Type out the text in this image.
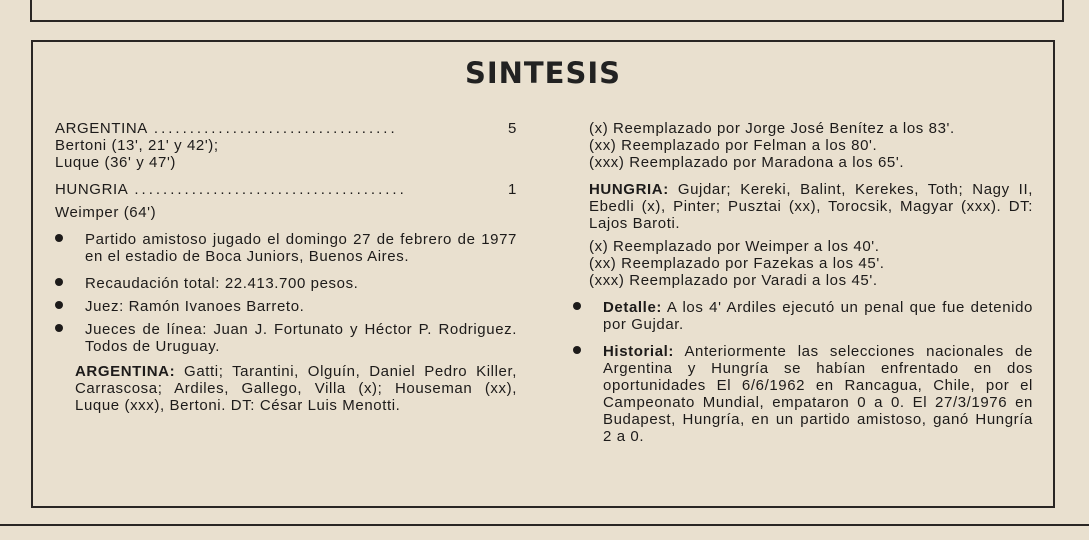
SINTESIS
ARGENTINA ..................................	5

Bertoni (13', 21' y 42');

Luque (36' y 47')

HUNGRIA ......................................	1

Weimper (64')

Partido amistoso jugado el domingo 27 de febrero de 1977 en el estadio de Boca Juniors, Buenos Aires.
Recaudación total: 22.413.700 pesos.
Juez: Ramón Ivanoes Barreto.
Jueces de línea: Juan J. Fortunato y Héctor P. Rodriguez. Todos de Uruguay.

ARGENTINA: Gatti; Tarantini, Olguín, Daniel Pedro Killer, Carrascosa; Ardiles, Gallego, Villa (x); Houseman (xx), Luque (xxx), Bertoni. DT: César Luis Menotti.

(x) Reemplazado por Jorge José Benítez a los 83'.

(xx) Reemplazado por Felman a los 80'.

(xxx) Reemplazado por Maradona a los 65'.

HUNGRIA: Gujdar; Kereki, Balint, Kerekes, Toth; Nagy II, Ebedli (x), Pinter; Pusztai (xx), Torocsik, Magyar (xxx). DT: Lajos Baroti.

(x) Reemplazado por Weimper a los 40'.

(xx) Reemplazado por Fazekas a los 45'.

(xxx) Reemplazado por Varadi a los 45'.

Detalle: A los 4' Ardiles ejecutó un penal que fue detenido por Gujdar.
Historial: Anteriormente las selecciones nacionales de Argentina y Hungría se habían enfrentado en dos oportunidades El 6/6/1962 en Rancagua, Chile, por el Campeonato Mundial, empataron 0 a 0. El 27/3/1976 en Budapest, Hungría, en un partido amistoso, ganó Hungría 2 a 0.
